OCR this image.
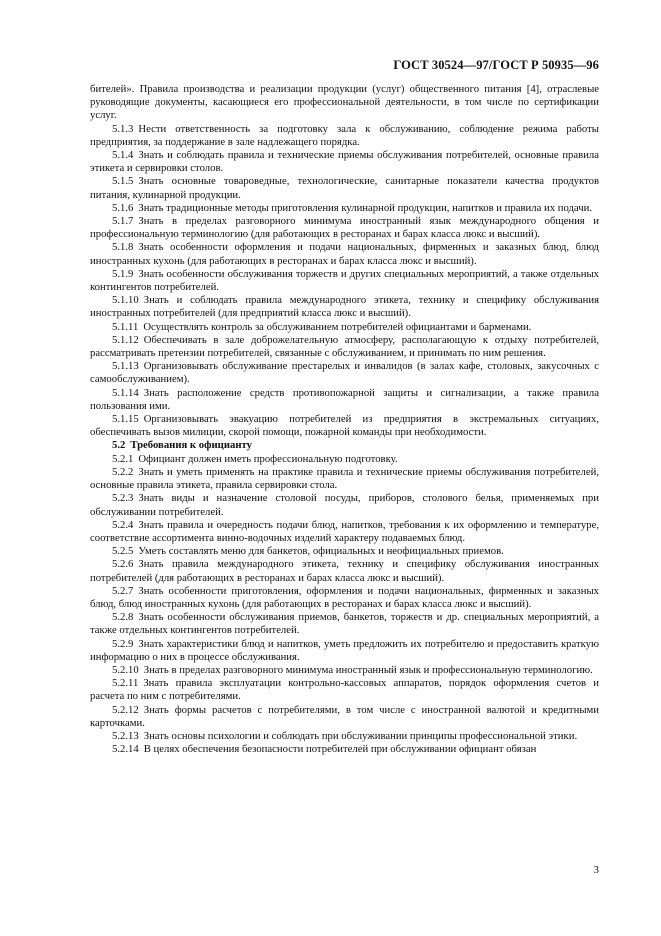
ГОСТ 30524—97/ГОСТ Р 50935—96

бителей». Правила производства и реализации продукции (услуг) общественного питания [4], отраслевые руководящие документы, касающиеся его профессиональной деятельности, в том числе по сертификации услуг.

5.1.3 Нести ответственность за подготовку зала к обслуживанию, соблюдение режима работы предприятия, за поддержание в зале надлежащего порядка.

5.1.4 Знать и соблюдать правила и технические приемы обслуживания потребителей, основные правила этикета и сервировки столов.

5.1.5 Знать основные товароведные, технологические, санитарные показатели качества продуктов питания, кулинарной продукции.

5.1.6 Знать традиционные методы приготовления кулинарной продукции, напитков и правила их подачи.

5.1.7 Знать в пределах разговорного минимума иностранный язык международного общения и профессиональную терминологию (для работающих в ресторанах и барах класса люкс и высший).

5.1.8 Знать особенности оформления и подачи национальных, фирменных и заказных блюд, блюд иностранных кухонь (для работающих в ресторанах и барах класса люкс и высший).

5.1.9 Знать особенности обслуживания торжеств и других специальных мероприятий, а также отдельных контингентов потребителей.

5.1.10 Знать и соблюдать правила международного этикета, технику и специфику обслуживания иностранных потребителей (для предприятий класса люкс и высший).

5.1.11 Осуществлять контроль за обслуживанием потребителей официантами и барменами.

5.1.12 Обеспечивать в зале доброжелательную атмосферу, располагающую к отдыху потребителей, рассматривать претензии потребителей, связанные с обслуживанием, и принимать по ним решения.

5.1.13 Организовывать обслуживание престарелых и инвалидов (в залах кафе, столовых, закусочных с самообслуживанием).

5.1.14 Знать расположение средств противопожарной защиты и сигнализации, а также правила пользования ими.

5.1.15 Организовывать эвакуацию потребителей из предприятия в экстремальных ситуациях, обеспечивать вызов милиции, скорой помощи, пожарной команды при необходимости.

5.2 Требования к официанту

5.2.1 Официант должен иметь профессиональную подготовку.

5.2.2 Знать и уметь применять на практике правила и технические приемы обслуживания потребителей, основные правила этикета, правила сервировки стола.

5.2.3 Знать виды и назначение столовой посуды, приборов, столового белья, применяемых при обслуживании потребителей.

5.2.4 Знать правила и очередность подачи блюд, напитков, требования к их оформлению и температуре, соответствие ассортимента винно-водочных изделий характеру подаваемых блюд.

5.2.5 Уметь составлять меню для банкетов, официальных и неофициальных приемов.

5.2.6 Знать правила международного этикета, технику и специфику обслуживания иностранных потребителей (для работающих в ресторанах и барах класса люкс и высший).

5.2.7 Знать особенности приготовления, оформления и подачи национальных, фирменных и заказных блюд, блюд иностранных кухонь (для работающих в ресторанах и барах класса люкс и высший).

5.2.8 Знать особенности обслуживания приемов, банкетов, торжеств и др. специальных мероприятий, а также отдельных контингентов потребителей.

5.2.9 Знать характеристики блюд и напитков, уметь предложить их потребителю и предоставить краткую информацию о них в процессе обслуживания.

5.2.10 Знать в пределах разговорного минимума иностранный язык и профессиональную терминологию.

5.2.11 Знать правила эксплуатации контрольно-кассовых аппаратов, порядок оформления счетов и расчета по ним с потребителями.

5.2.12 Знать формы расчетов с потребителями, в том числе с иностранной валютой и кредитными карточками.

5.2.13 Знать основы психологии и соблюдать при обслуживании принципы профессиональной этики.

5.2.14 В целях обеспечения безопасности потребителей при обслуживании официант обязан

3
